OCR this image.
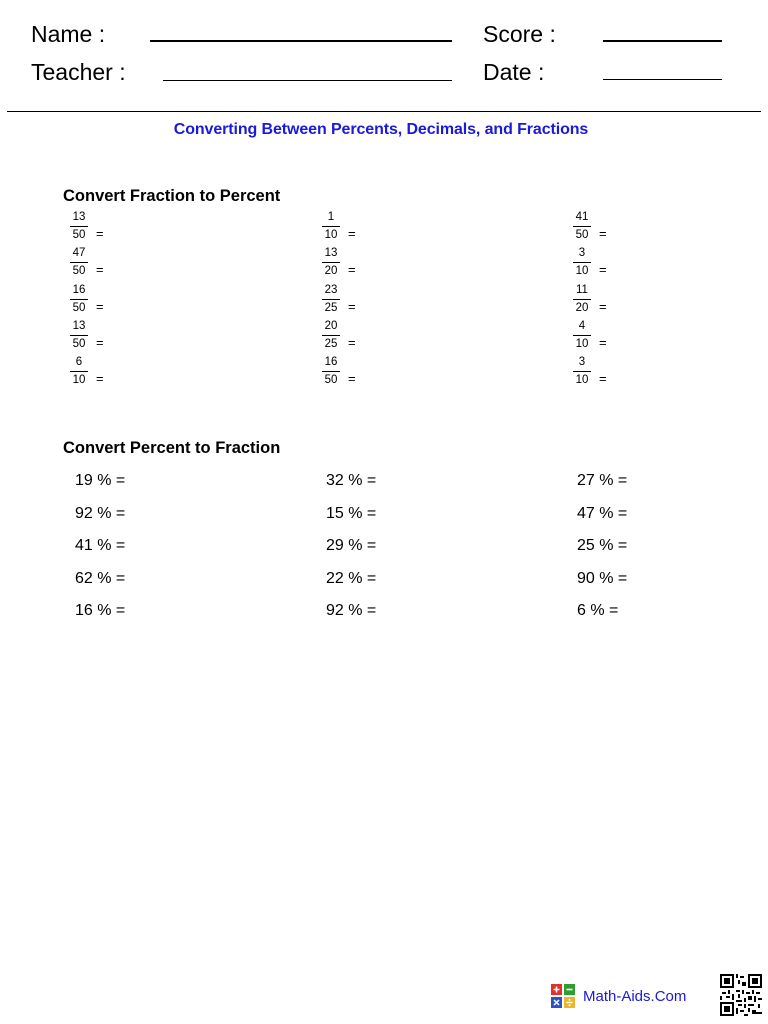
Name :
Teacher :
Score :
Date :
Converting Between Percents, Decimals, and Fractions
Convert Fraction to Percent
13
50 =
47
50 =
16
50 =
13
50 =
6
10 =
1
10 =
13
20 =
23
25 =
20
25 =
16
50 =
41
50 =
3
10 =
11
20 =
4
10 =
3
10 =
Convert Percent to Fraction
19 % =
92 % =
41 % =
62 % =
16 % =
32 % =
15 % =
29 % =
22 % =
92 % =
27 % =
47 % =
25 % =
90 % =
6 % =
Math-Aids.Com
